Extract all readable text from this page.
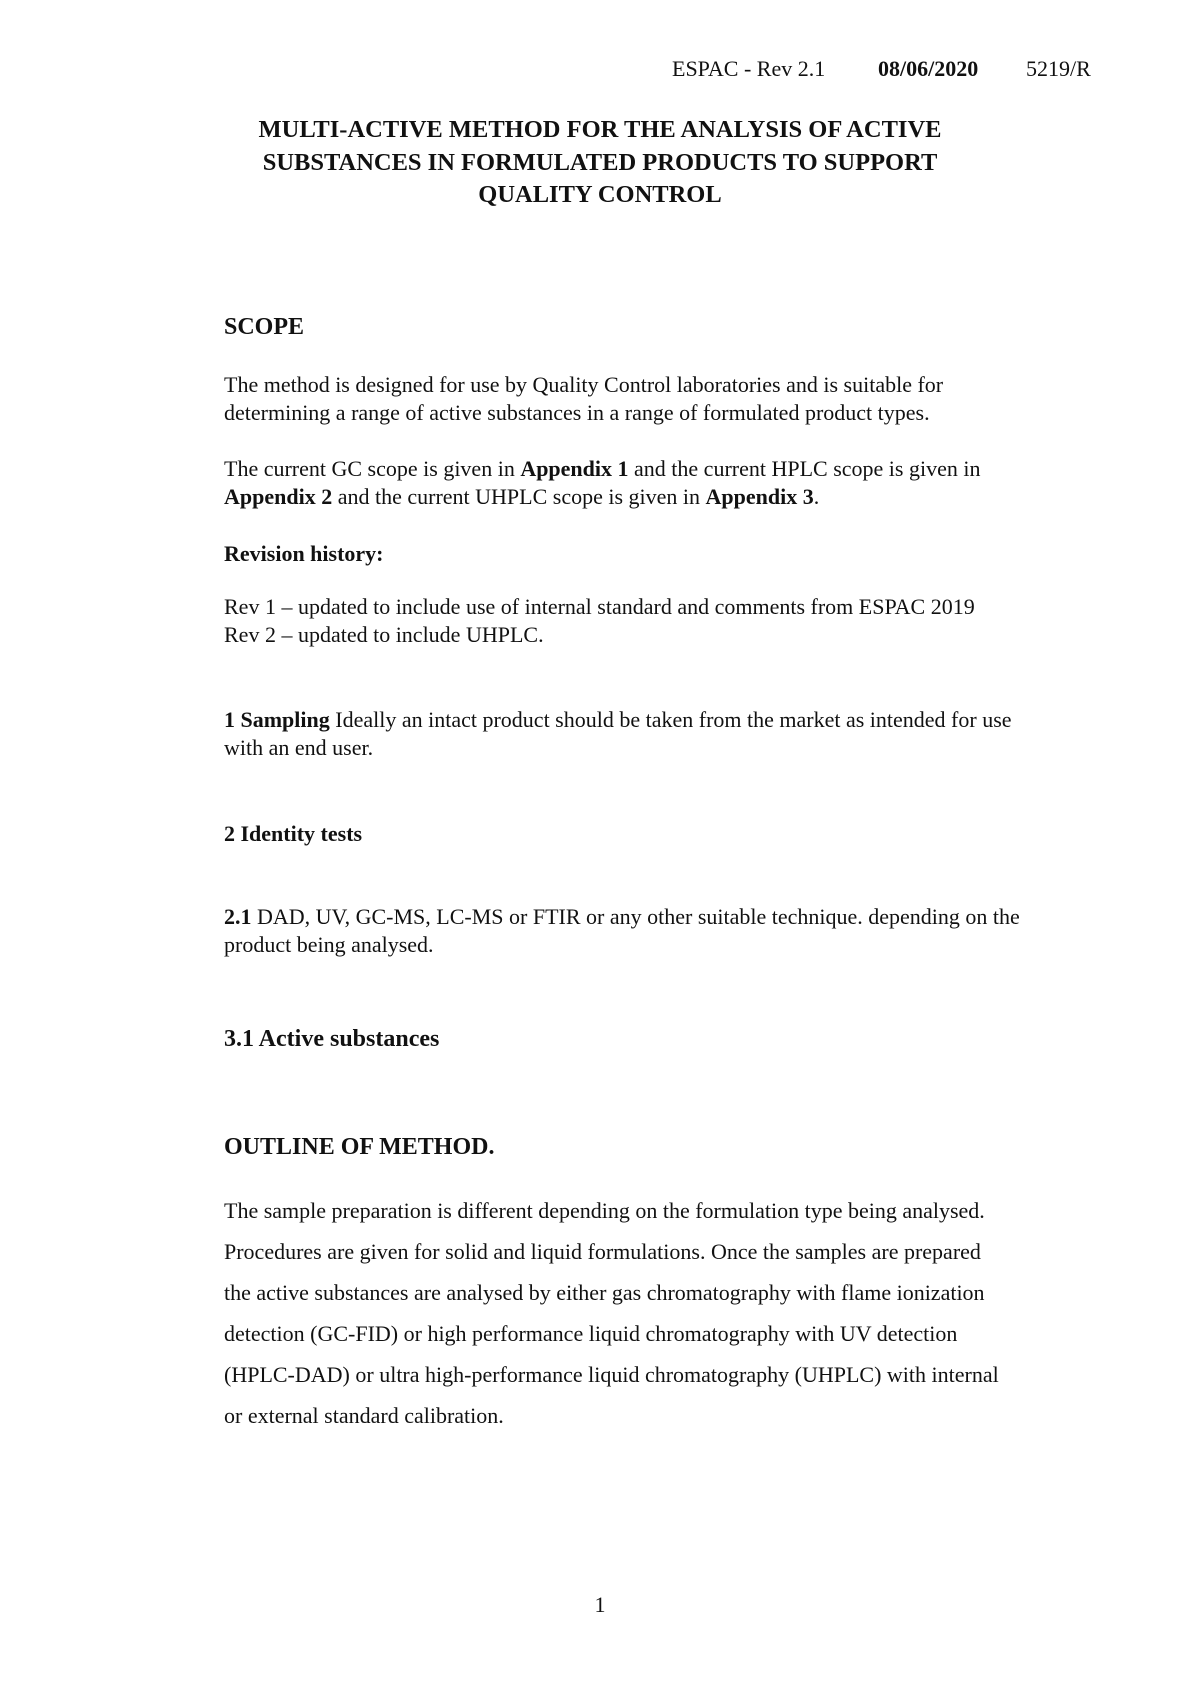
ESPAC - Rev 2.1 08/06/2020 5219/R
MULTI-ACTIVE METHOD FOR THE ANALYSIS OF ACTIVE
SUBSTANCES IN FORMULATED PRODUCTS TO SUPPORT
QUALITY CONTROL
SCOPE
The method is designed for use by Quality Control laboratories and is suitable for
determining a range of active substances in a range of formulated product types.
The current GC scope is given in Appendix 1 and the current HPLC scope is given in
Appendix 2 and the current UHPLC scope is given in Appendix 3.
Revision history:
Rev 1 – updated to include use of internal standard and comments from ESPAC 2019
Rev 2 – updated to include UHPLC.
1 Sampling Ideally an intact product should be taken from the market as intended for use
with an end user.
2 Identity tests
2.1 DAD, UV, GC-MS, LC-MS or FTIR or any other suitable technique. depending on the
product being analysed.
3.1 Active substances
OUTLINE OF METHOD.
The sample preparation is different depending on the formulation type being analysed.
Procedures are given for solid and liquid formulations. Once the samples are prepared
the active substances are analysed by either gas chromatography with flame ionization
detection (GC-FID) or high performance liquid chromatography with UV detection
(HPLC-DAD) or ultra high-performance liquid chromatography (UHPLC) with internal
or external standard calibration.
1
